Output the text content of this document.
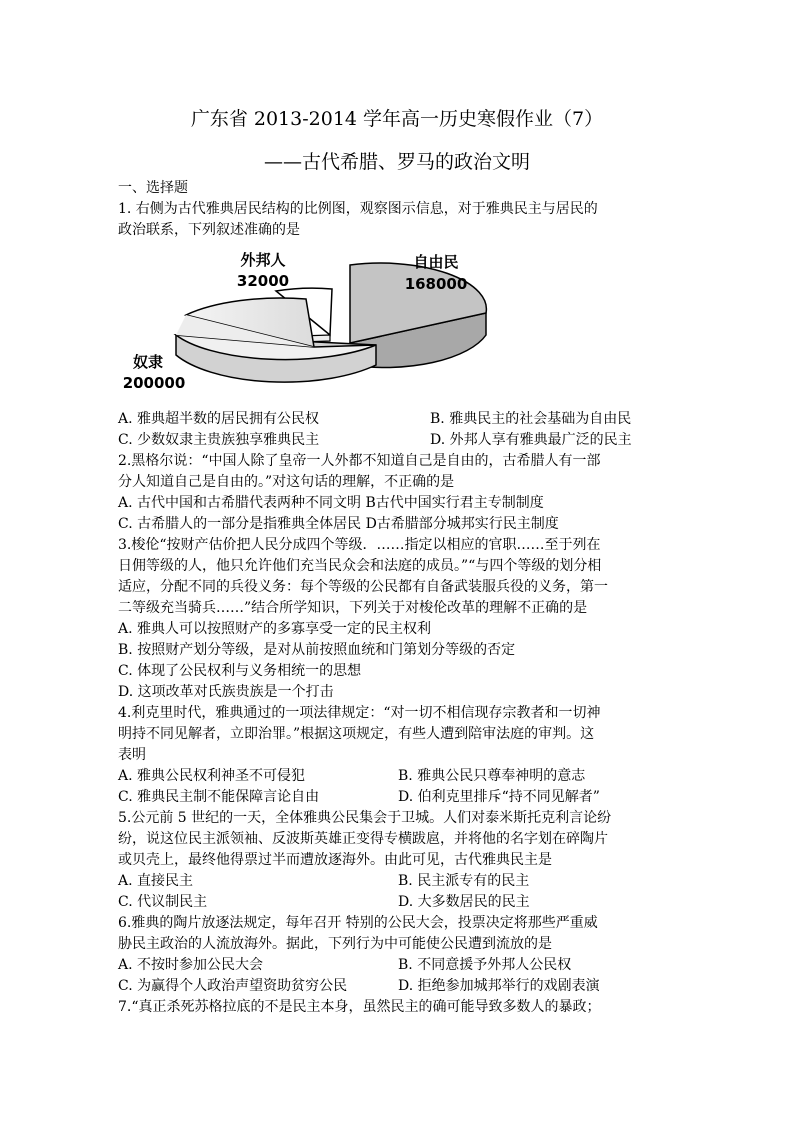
广东省 2013-2014 学年高一历史寒假作业（7）
——古代希腊、罗马的政治文明
一、选择题
1. 右侧为古代雅典居民结构的比例图，观察图示信息，对于雅典民主与居民的
政治联系，下列叙述准确的是
外邦人
32000
自由民
168000
奴隶
200000
A. 雅典超半数的居民拥有公民权	B. 雅典民主的社会基础为自由民
C. 少数奴隶主贵族独享雅典民主	D. 外邦人享有雅典最广泛的民主
2.黑格尔说：“中国人除了皇帝一人外都不知道自己是自由的，古希腊人有一部
分人知道自己是自由的。”对这句话的理解，不正确的是
A. 古代中国和古希腊代表两种不同文明 B古代中国实行君主专制制度
C. 古希腊人的一部分是指雅典全体居民 D古希腊部分城邦实行民主制度
3.梭伦“按财产估价把人民分成四个等级．……指定以相应的官职……至于列在
日佣等级的人，他只允许他们充当民众会和法庭的成员。”“与四个等级的划分相
适应，分配不同的兵役义务：每个等级的公民都有自备武装服兵役的义务，第一
二等级充当骑兵……”结合所学知识，下列关于对梭伦改革的理解不正确的是
A. 雅典人可以按照财产的多寡享受一定的民主权利
B. 按照财产划分等级，是对从前按照血统和门第划分等级的否定
C. 体现了公民权利与义务相统一的思想
D. 这项改革对氏族贵族是一个打击
4.利克里时代，雅典通过的一项法律规定：“对一切不相信现存宗教者和一切神
明持不同见解者，立即治罪。”根据这项规定，有些人遭到陪审法庭的审判。这
表明
A. 雅典公民权利神圣不可侵犯	B. 雅典公民只尊奉神明的意志
C. 雅典民主制不能保障言论自由	D. 伯利克里排斥“持不同见解者”
5.公元前 5 世纪的一天，全体雅典公民集会于卫城。人们对泰米斯托克利言论纷
纷，说这位民主派领袖、反波斯英雄正变得专横跋扈，并将他的名字划在碎陶片
或贝壳上，最终他得票过半而遭放逐海外。由此可见，古代雅典民主是
A. 直接民主	B. 民主派专有的民主
C. 代议制民主	D. 大多数居民的民主
6.雅典的陶片放逐法规定，每年召开 特别的公民大会，投票决定将那些严重威
胁民主政治的人流放海外。据此，下列行为中可能使公民遭到流放的是
A. 不按时参加公民大会	B. 不同意援予外邦人公民权
C. 为赢得个人政治声望资助贫穷公民	D. 拒绝参加城邦举行的戏剧表演
7.“真正杀死苏格拉底的不是民主本身，虽然民主的确可能导致多数人的暴政；
